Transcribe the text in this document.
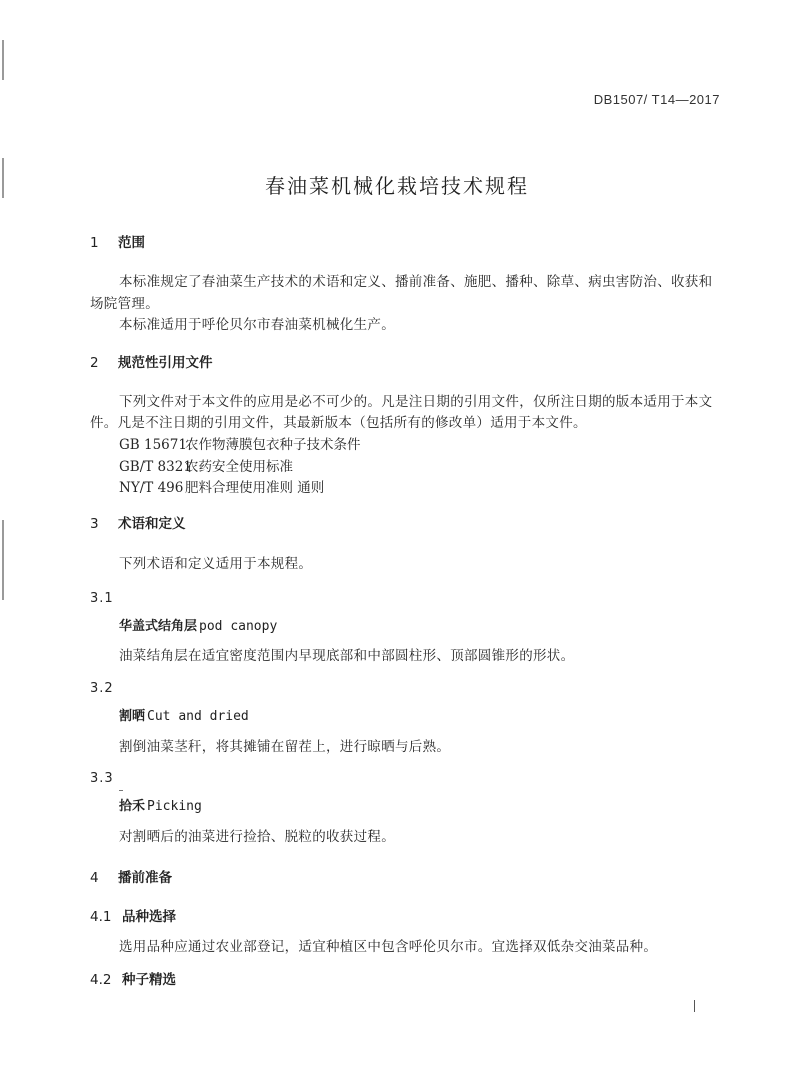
DB1507/ T14—2017
春油菜机械化栽培技术规程
1 范围
本标准规定了春油菜生产技术的术语和定义、播前准备、施肥、播种、除草、病虫害防治、收获和
场院管理。
本标准适用于呼伦贝尔市春油菜机械化生产。
2 规范性引用文件
下列文件对于本文件的应用是必不可少的。凡是注日期的引用文件，仅所注日期的版本适用于本文
件。凡是不注日期的引用文件，其最新版本（包括所有的修改单）适用于本文件。
GB 15671农作物薄膜包衣种子技术条件
GB/T 8321农药安全使用标准
NY/T 496 肥料合理使用准则 通则
3 术语和定义
下列术语和定义适用于本规程。
3.1
华盖式结角层 pod canopy
油菜结角层在适宜密度范围内早现底部和中部圆柱形、顶部圆锥形的形状。
3.2
割晒 Cut and dried
割倒油菜茎秆，将其摊铺在留茬上，进行晾晒与后熟。
3.3
拾禾 Picking
对割晒后的油菜进行捡拾、脱粒的收获过程。
4 播前准备
4.1 品种选择
选用品种应通过农业部登记，适宜种植区中包含呼伦贝尔市。宜选择双低杂交油菜品种。
4.2 种子精选
